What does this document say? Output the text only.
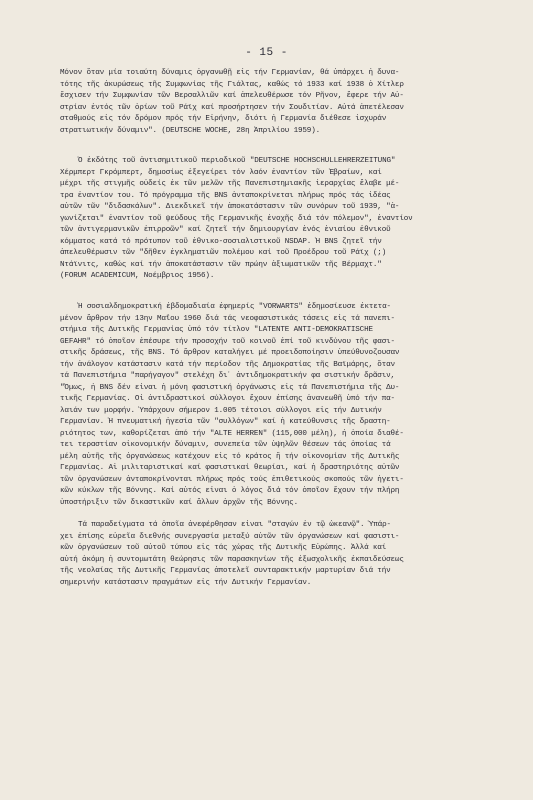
- 15 -
Μόνον ὅταν μία τοιαύτη δύναμις ὀργανωθῇ εἰς τήν Γερμανίαν, θά ὑπάρχει ἡ δυνα-
τότης τῆς ἀκυρώσεως τῆς Συμφωνίας τῆς Γιάλτας, καθώς τό 1933 καί 1938 ὁ Χίτλερ
ἔσχισεν τήν Συμφωνίαν τῶν Βερσαλλιῶν καί ἀπελευθέρωσε τόν Ρῆνον, ἔφερε τήν Αὐ-
στρίαν ἐντός τῶν ὁρίων τοῦ Ράϊχ καί προσήρτησεν τήν Σουδιτίαν. Αὐτά ἀπετέλεσαν
σταθμούς εἰς τόν δρόμον πρός τήν Εἰρήνην, διότι ἡ Γερμανία διέθεσε ἰσχυράν
στρατιωτικήν δύναμιν". (DEUTSCHE WOCHE, 28η Ἀπριλίου 1959).
Ὁ ἐκδότης τοῦ ἀντισημιτικοῦ περιοδικοῦ "DEUTSCHE HOCHSCHULLEHRERZEITUNG"
Χέρμπερτ Γκρόμπερτ, δημοσίως ἐξεγείρει τόν λαόν ἐναντίον τῶν Ἑβραίων, καί
μέχρι τῆς στιγμῆς οὐδείς ἐκ τῶν μελῶν τῆς Πανεπιστημιακῆς ἱεραρχίας ἔλαβε μέ-
τρα ἐναντίον του. Τό πρόγραμμα τῆς BNS ἀνταποκρίνεται πλήρως πρός τάς ἰδέας
αὐτῶν τῶν "διδασκάλων". Διεκδικεῖ τήν ἀποκατάστασιν τῶν συνόρων τοῦ 1939, "ἀ-
γωνίζεται" ἐναντίον τοῦ ψεύδους τῆς Γερμανικῆς ἐνοχῆς διά τόν πόλεμον", ἐναντίον
τῶν ἀντιγερμανικῶν ἐπιρροῶν" καί ζητεῖ τήν δημιουργίαν ἑνός ἑνιαίου ἐθνικοῦ
κόμματος κατά τό πρότυπον τοῦ ἐθνικο-σοσιαλιστικοῦ NSDAP. Ἡ BNS ζητεῖ τήν
ἀπελευθέρωσιν τῶν "δῆθεν ἐγκληματιῶν πολέμου καί τοῦ Προέδρου τοῦ Ράϊχ (;)
Ντάϊνιτς, καθώς καί τήν ἀποκατάστασιν τῶν πρώην ἀξιωματικῶν τῆς Βέρμαχτ."
(FORUM ACADEMICUM, Νοέμβριος 1956).
Ἡ σοσιαλδημοκρατική ἑβδομαδιαία ἐφημερίς "VORWARTS" ἐδημοσίευσε ἐκτετα-
μένον ἄρθρον τήν 13ην Μαΐου 1960 διά τάς νεοφασιστικάς τάσεις εἰς τά πανεπι-
στήμια τῆς Δυτικῆς Γερμανίας ὑπό τόν τίτλον "LATENTE ANTI-DEMOKRATISCHE
GEFAHR" τό ὁποῖον ἐπέσυρε τήν προσοχήν τοῦ κοινοῦ ἐπί τοῦ κινδύνου τῆς φασι-
στικῆς δράσεως, τῆς BNS. Τό ἄρθρον καταλήγει μέ προειδοποίησιν ὑπεύθυνοζουσαν
τήν ἀνάλογον κατάστασιν κατά τήν περίοδον τῆς Δημοκρατίας τῆς Βαϊμάρης, ὅταν
τά Πανεπιστήμια "παρήγαγον" στελέχη δι᾽ ἀντιδημοκρατικήν φα σιστικήν δρᾶσιν,
"Ὅμως, ἡ BNS δέν εἶναι ἡ μόνη φασιστική ὀργάνωσις εἰς τά Πανεπιστήμια τῆς Δυ-
τικῆς Γερμανίας. Οἱ ἀντιδραστικοί σύλλογοι ἔχουν ἐπίσης ἀνανεωθῆ ὑπό τήν πα-
λαιάν των μορφήν. Ὑπάρχουν σήμερον 1.005 τέτοιοι σύλλογοι εἰς τήν Δυτικήν
Γερμανίαν. Ἡ πνευματική ἡγεσία τῶν "συλλόγων" καί ἡ κατεύθυνσις τῆς δραστη-
ριότητος των, καθορίζεται ἀπό τήν "ALTE HERREN" (115,000 μέλη), ἡ ὁποία διαθέ-
τει τεραστίαν οἰκονομικήν δύναμιν, συνεπεία τῶν ὑψηλῶν θέσεων τάς ὁποίας τά
μέλη αὐτῆς τῆς ὀργανώσεως κατέχουν εἰς τό κράτος ἢ τήν οἰκονομίαν τῆς Δυτικῆς
Γερμανίας. Αἱ μιλιταριστικαί καί φασιστικαί θεωρίαι, καί ἡ δραστηριότης αὐτῶν
τῶν ὀργανώσεων ἀνταποκρίνονται πλήρως πρός τούς ἐπιθετικούς σκοπούς τῶν ἡγετι-
κῶν κύκλων τῆς Βόννης. Καί αὐτός εἶναι ὁ λόγος διά τόν ὁποῖον ἔχουν τήν πλήρη
ὑποστήριξιν τῶν δικαστικῶν καί ἄλλων ἀρχῶν τῆς Βόννης.
Τά παραδείγματα τά ὁποῖα ἀνεφέρθησαν εἶναι "σταγών ἐν τῷ ὠκεανῷ". Ὑπάρ-
χει ἐπίσης εὐρεῖα διεθνής συνεργασία μεταξύ αὐτῶν τῶν ὀργανώσεων καί φασιστι-
κῶν ὀργανώσεων τοῦ αὐτοῦ τύπου εἰς τάς χώρας τῆς Δυτικῆς Εὐρώπης. Ἀλλά καί
αὐτή ἀκόμη ἡ συντομωτάτη θεώρησις τῶν παρασκηνίων τῆς ἐξωσχολικῆς ἐκπαιδεύσεως
τῆς νεολαίας τῆς Δυτικῆς Γερμανίας ἀποτελεῖ συνταρακτικήν μαρτυρίαν διά τήν
σημερινήν κατάστασιν πραγμάτων εἰς τήν Δυτικήν Γερμανίαν.
